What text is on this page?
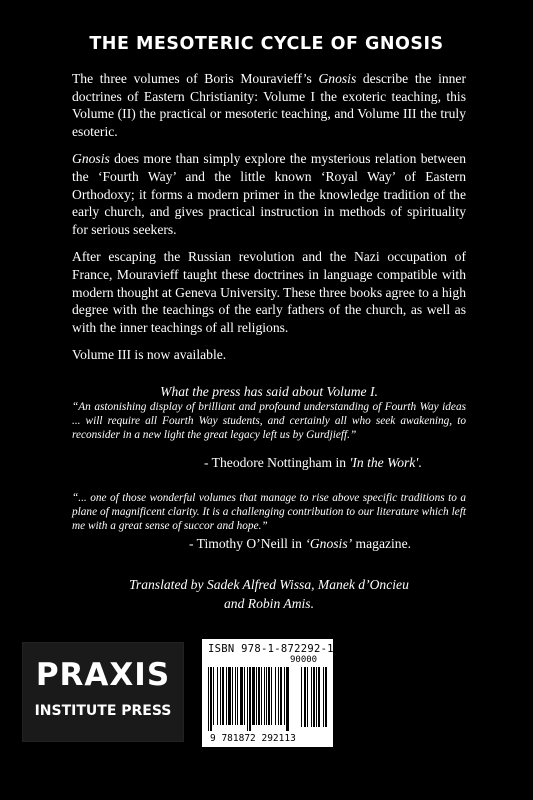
THE MESOTERIC CYCLE OF GNOSIS

The three volumes of Boris Mouravieff’s Gnosis describe the inner doctrines of Eastern Christianity: Volume I the exoteric teaching, this Volume (II) the practical or mesoteric teaching, and Volume III the truly esoteric.

Gnosis does more than simply explore the mysterious relation between the ‘Fourth Way’ and the little known ‘Royal Way’ of Eastern Orthodoxy; it forms a modern primer in the knowledge tradition of the early church, and gives practical instruction in methods of spirituality for serious seekers.

After escaping the Russian revolution and the Nazi occupation of France, Mouravieff taught these doctrines in language compatible with modern thought at Geneva University. These three books agree to a high degree with the teachings of the early fathers of the church, as well as with the inner teachings of all religions.

Volume III is now available.

What the press has said about Volume I.
“An astonishing display of brilliant and profound understanding of Fourth Way ideas ... will require all Fourth Way students, and certainly all who seek awakening, to reconsider in a new light the great legacy left us by Gurdjieff.”
- Theodore Nottingham in 'In the Work'.
“... one of those wonderful volumes that manage to rise above specific traditions to a plane of magnificent clarity. It is a challenging contribution to our literature which left me with a great sense of succor and hope.”
- Timothy O’Neill in ‘Gnosis’ magazine.
Translated by Sadek Alfred Wissa, Manek d’Oncieu
and Robin Amis.
PRAXIS
INSTITUTE PRESS
ISBN 978-1-872292-11-3
90000
9 781872 292113
